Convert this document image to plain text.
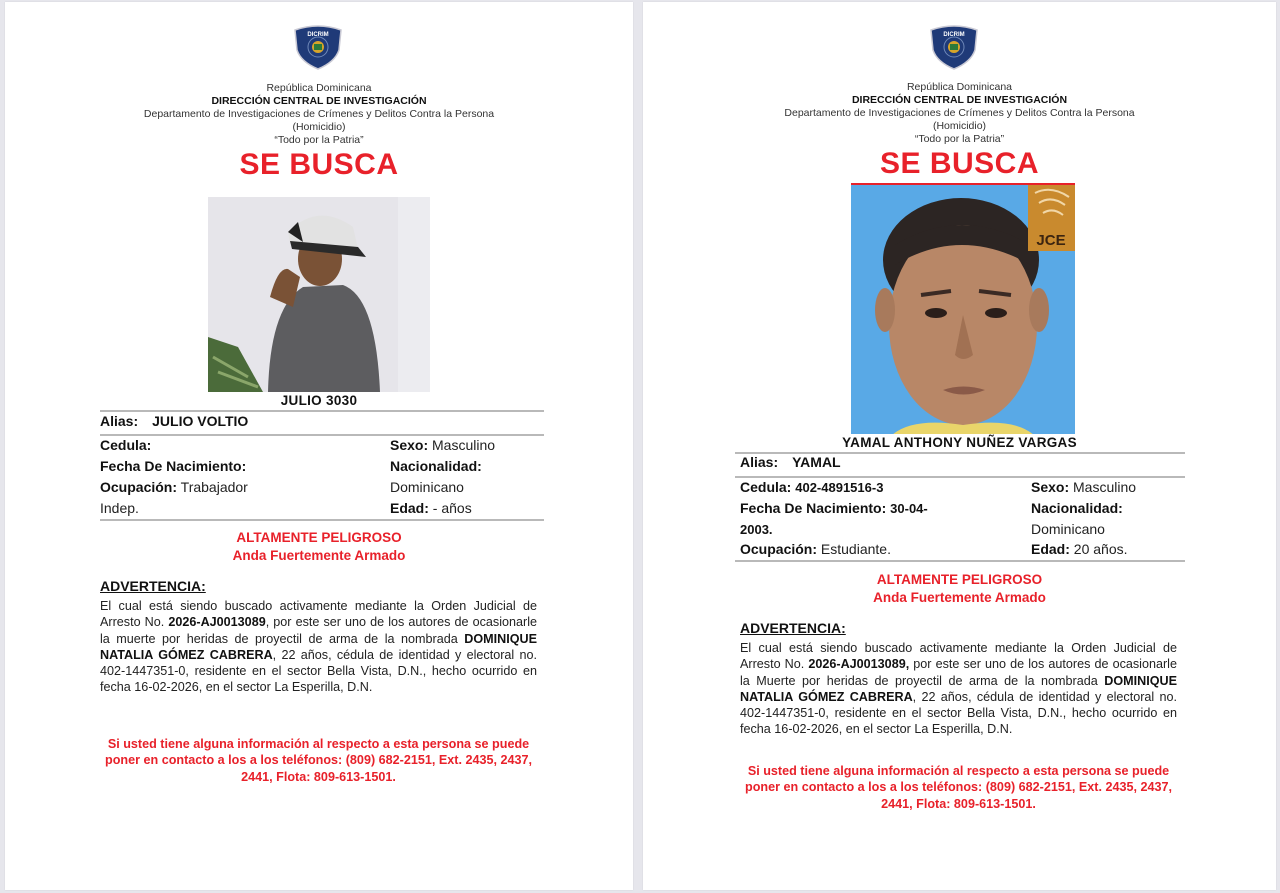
DICRIM
República Dominicana
DIRECCIÓN CENTRAL DE INVESTIGACIÓN
Departamento de Investigaciones de Crímenes y Delitos Contra la Persona
(Homicidio)
“Todo por la Patria”
SE BUSCA
JULIO 3030
Alias: JULIO VOLTIO
Cedula:
Fecha De Nacimiento:
Ocupación: Trabajador
Indep.
Sexo: Masculino
Nacionalidad:
Dominicano
Edad: - años
ALTAMENTE PELIGROSO
Anda Fuertemente Armado
ADVERTENCIA:
El cual está siendo buscado activamente mediante la Orden Judicial de Arresto No. 2026-AJ0013089, por este ser uno de los autores de ocasionarle la muerte por heridas de proyectil de arma de la nombrada DOMINIQUE NATALIA GÓMEZ CABRERA, 22 años, cédula de identidad y electoral no. 402-1447351-0, residente en el sector Bella Vista, D.N., hecho ocurrido en fecha 16-02-2026, en el sector La Esperilla, D.N.
Si usted tiene alguna información al respecto a esta persona se puede poner en contacto a los a los teléfonos: (809) 682-2151, Ext. 2435, 2437, 2441, Flota: 809-613-1501.
DICRIM
República Dominicana
DIRECCIÓN CENTRAL DE INVESTIGACIÓN
Departamento de Investigaciones de Crímenes y Delitos Contra la Persona
(Homicidio)
“Todo por la Patria”
SE BUSCA
JCE
YAMAL ANTHONY NUÑEZ VARGAS
Alias: YAMAL
Cedula: 402-4891516-3
Fecha De Nacimiento: 30-04-
2003.
Ocupación: Estudiante.
Sexo: Masculino
Nacionalidad:
Dominicano
Edad: 20 años.
ALTAMENTE PELIGROSO
Anda Fuertemente Armado
ADVERTENCIA:
El cual está siendo buscado activamente mediante la Orden Judicial de Arresto No. 2026-AJ0013089, por este ser uno de los autores de ocasionarle la Muerte por heridas de proyectil de arma de la nombrada DOMINIQUE NATALIA GÓMEZ CABRERA, 22 años, cédula de identidad y electoral no. 402-1447351-0, residente en el sector Bella Vista, D.N., hecho ocurrido en fecha 16-02-2026, en el sector La Esperilla, D.N.
Si usted tiene alguna información al respecto a esta persona se puede poner en contacto a los a los teléfonos: (809) 682-2151, Ext. 2435, 2437, 2441, Flota: 809-613-1501.
